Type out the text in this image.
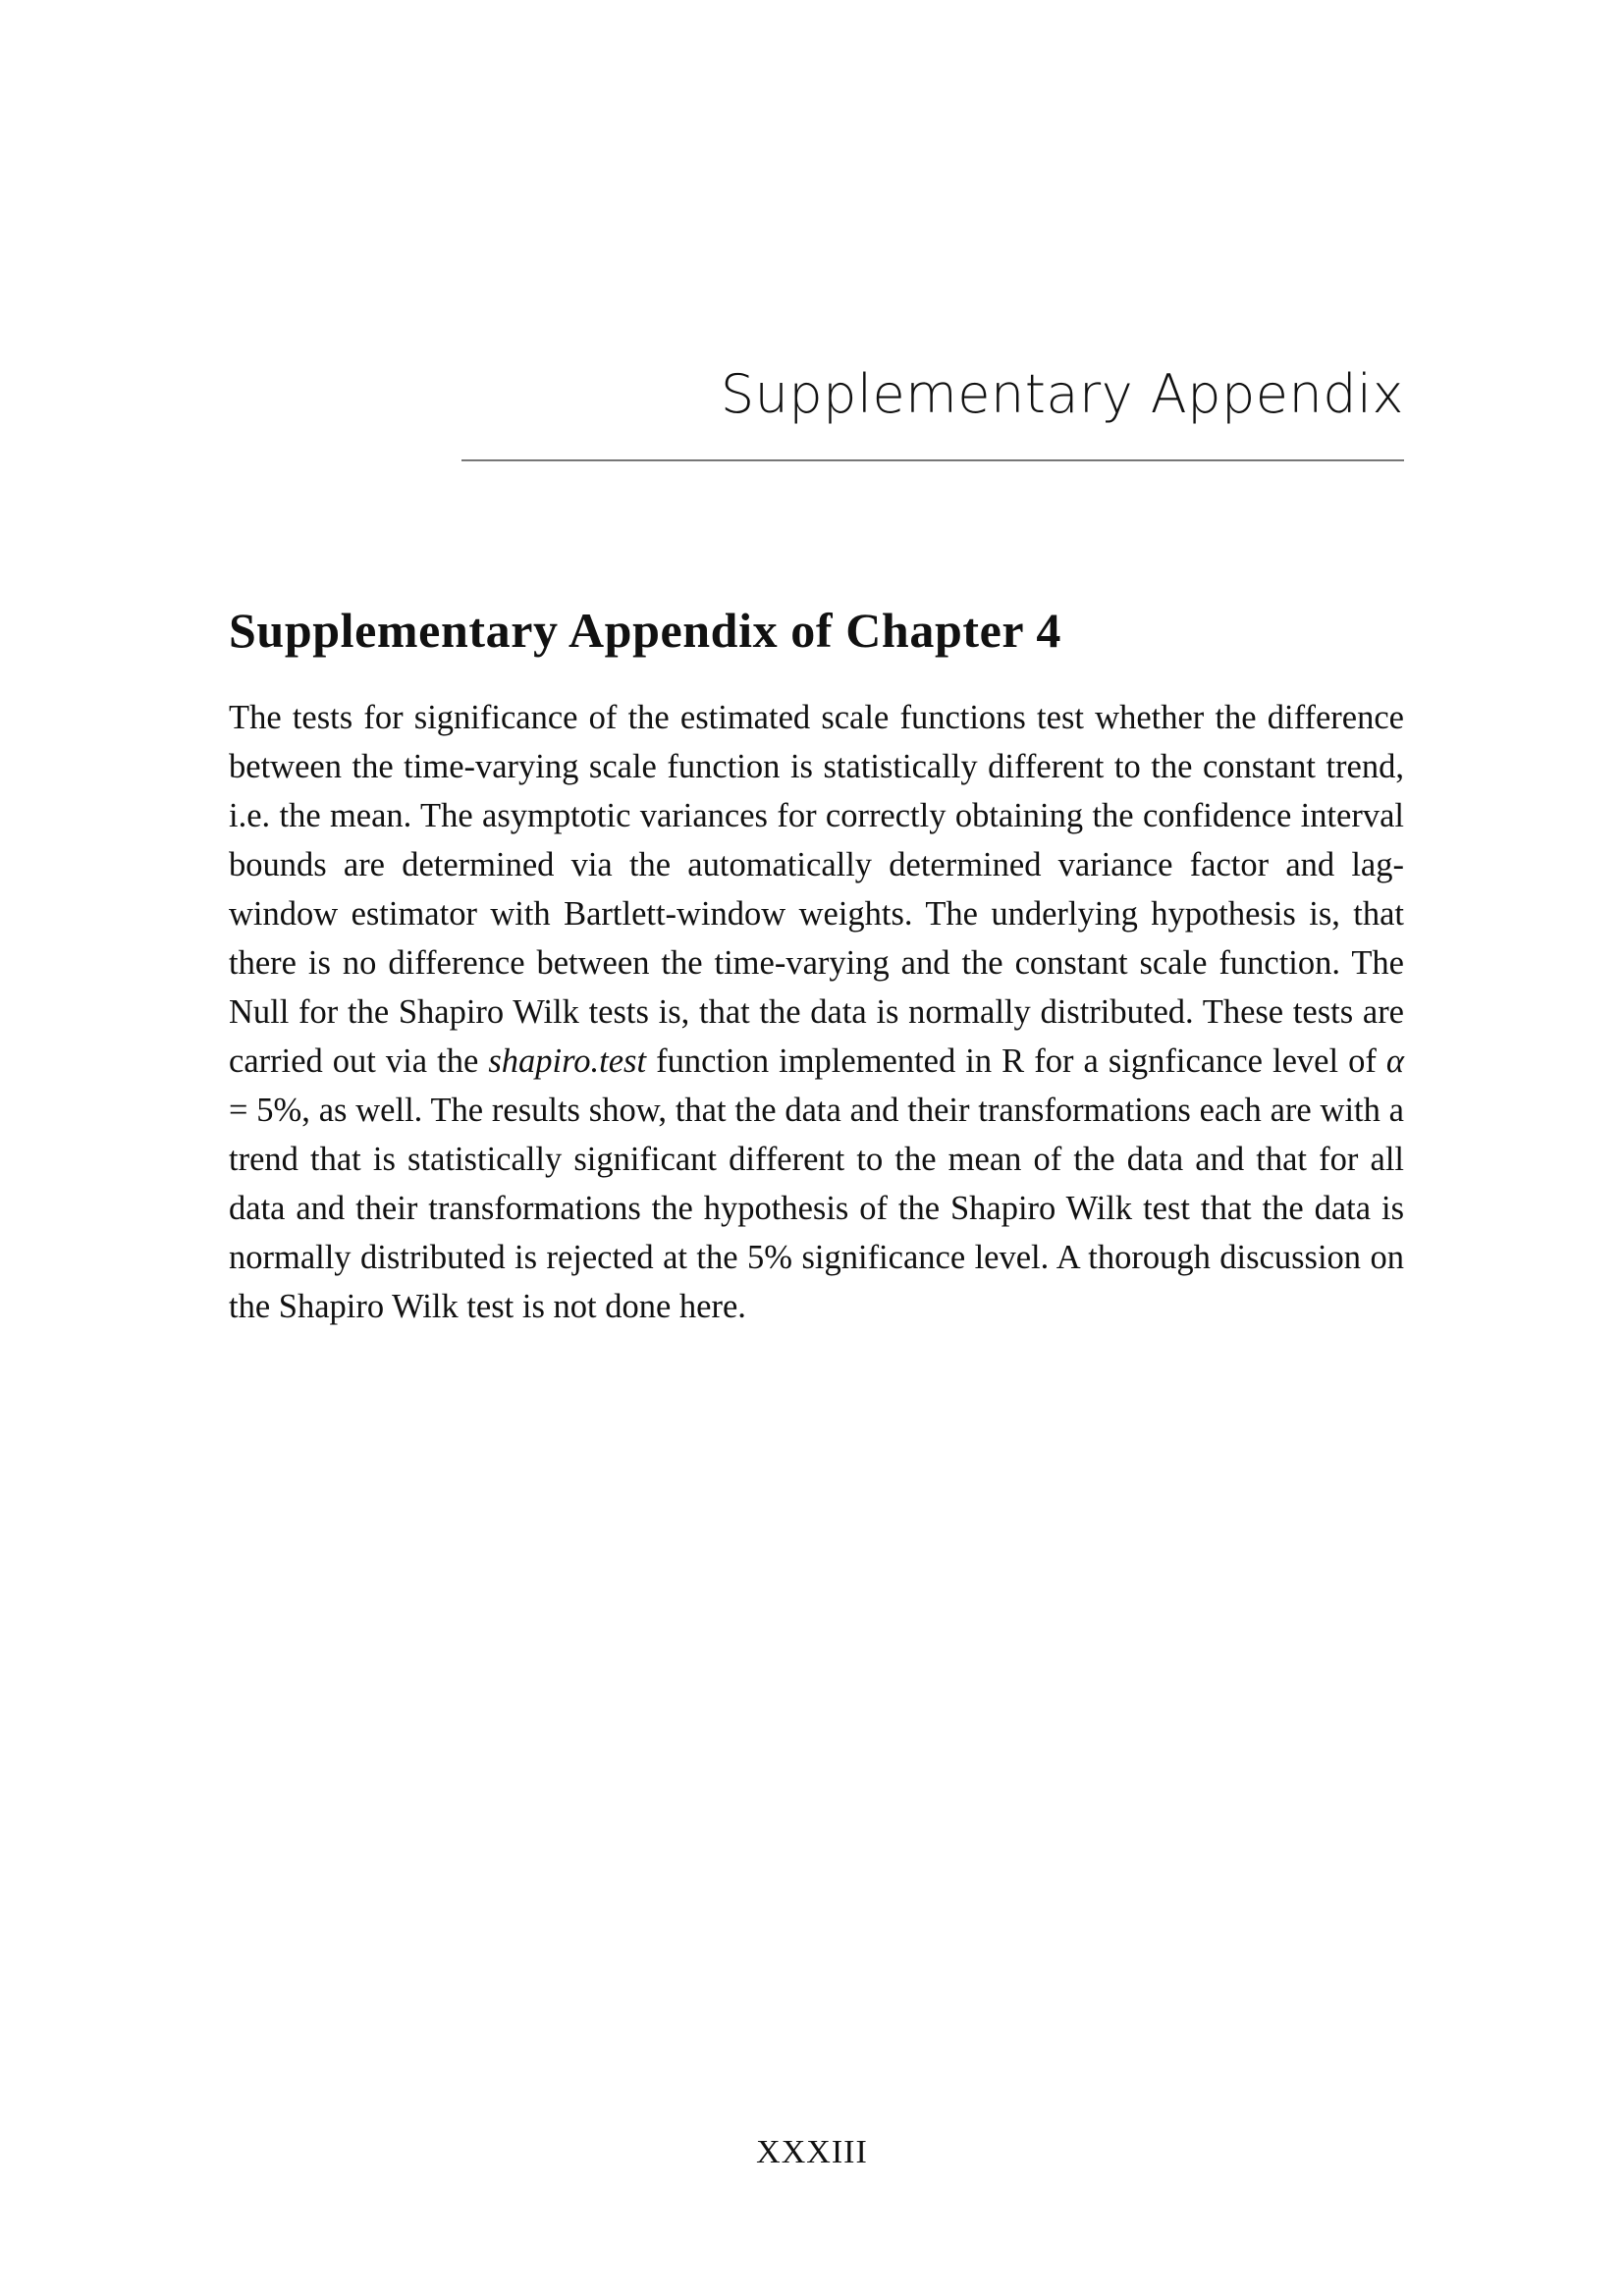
Supplementary Appendix
Supplementary Appendix of Chapter 4

The tests for significance of the estimated scale functions test whether the difference between the time-varying scale function is statistically different to the constant trend, i.e. the mean. The asymptotic variances for correctly obtaining the confidence interval bounds are determined via the automatically determined variance factor and lag-window estimator with Bartlett-window weights. The underlying hypothesis is, that there is no difference between the time-varying and the constant scale function. The Null for the Shapiro Wilk tests is, that the data is normally distributed. These tests are carried out via the shapiro.test function implemented in R for a signficance level of α = 5%, as well. The results show, that the data and their transformations each are with a trend that is statistically significant different to the mean of the data and that for all data and their transformations the hypothesis of the Shapiro Wilk test that the data is normally distributed is rejected at the 5% significance level. A thorough discussion on the Shapiro Wilk test is not done here.

XXXIII
